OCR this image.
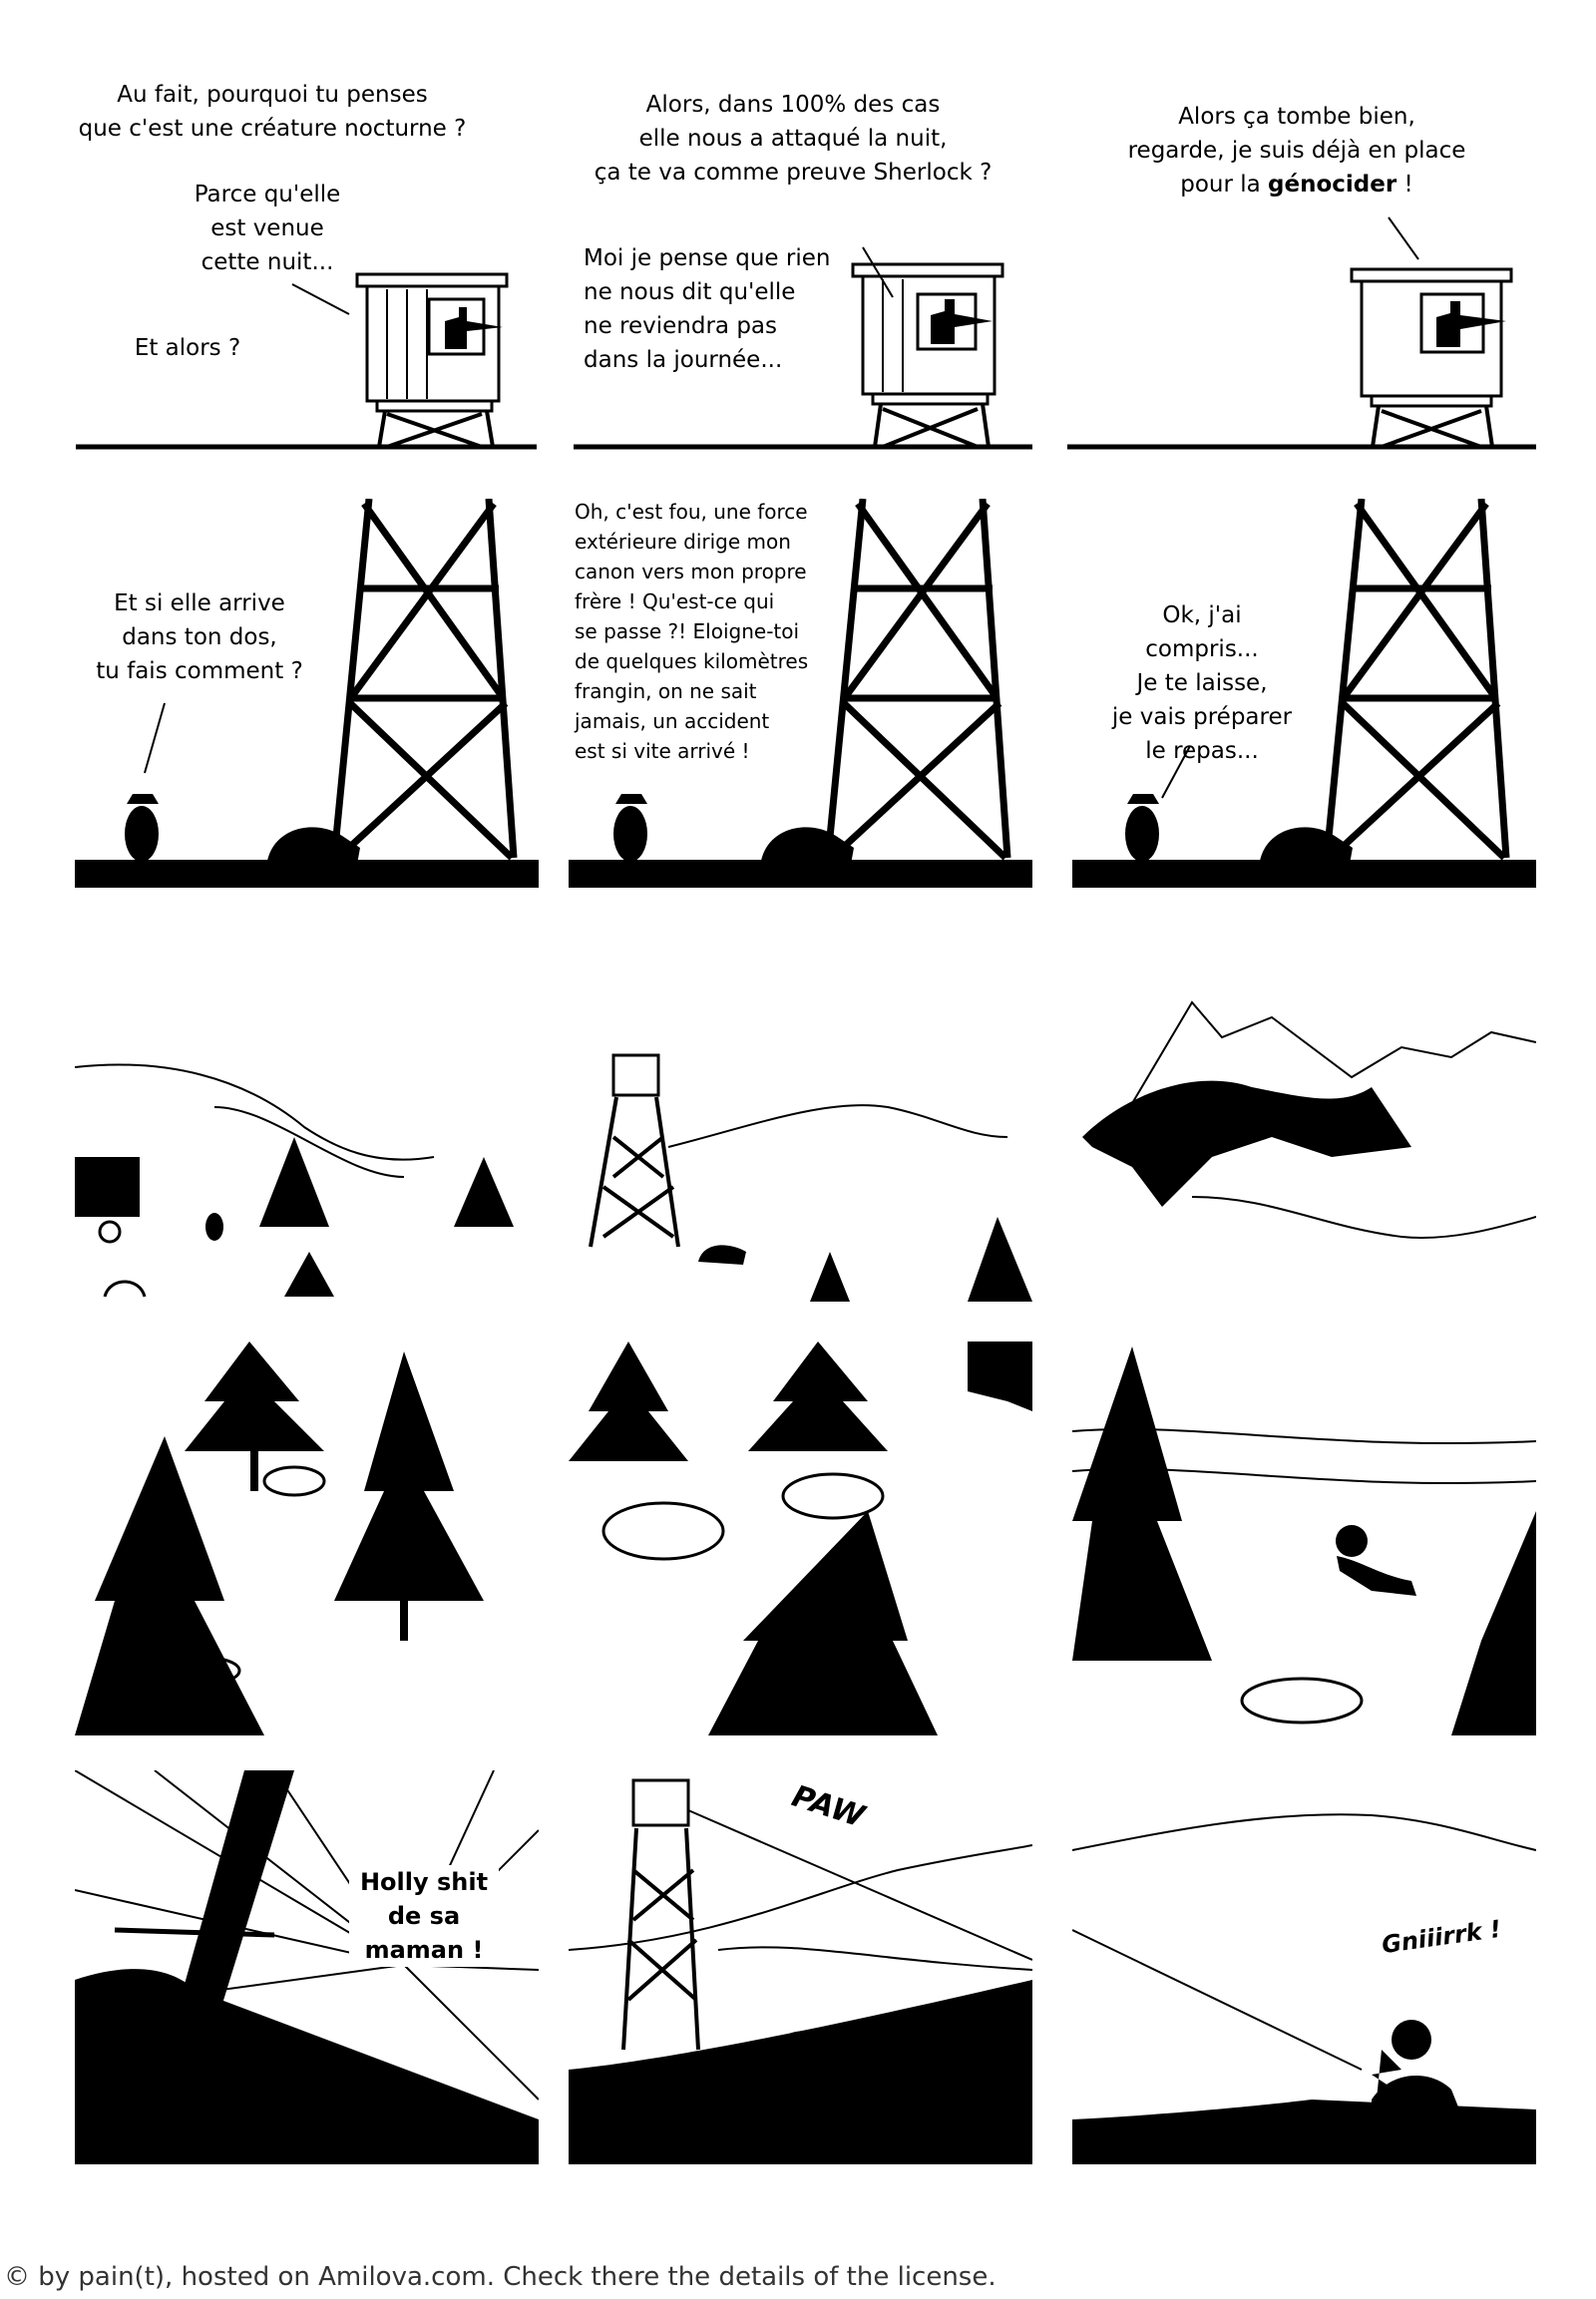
Au fait, pourquoi tu penses
que c'est une créature nocturne ?
Parce qu'elle
est venue
cette nuit...
Et alors ?
Alors, dans 100% des cas
elle nous a attaqué la nuit,
ça te va comme preuve Sherlock ?
Moi je pense que rien
ne nous dit qu'elle
ne reviendra pas
dans la journée...
Alors ça tombe bien,
regarde, je suis déjà en place
pour la génocider !
Et si elle arrive
dans ton dos,
tu fais comment ?
Oh, c'est fou, une force
extérieure dirige mon
canon vers mon propre
frère ! Qu'est-ce qui
se passe ?! Eloigne-toi
de quelques kilomètres
frangin, on ne sait
jamais, un accident
est si vite arrivé !
Ok, j'ai compris...
Je te laisse,
je vais préparer
le repas...
Holly shit
de sa
maman !
PAW
Gniiirrk !
© by pain(t), hosted on Amilova.com. Check there the details of the license.
